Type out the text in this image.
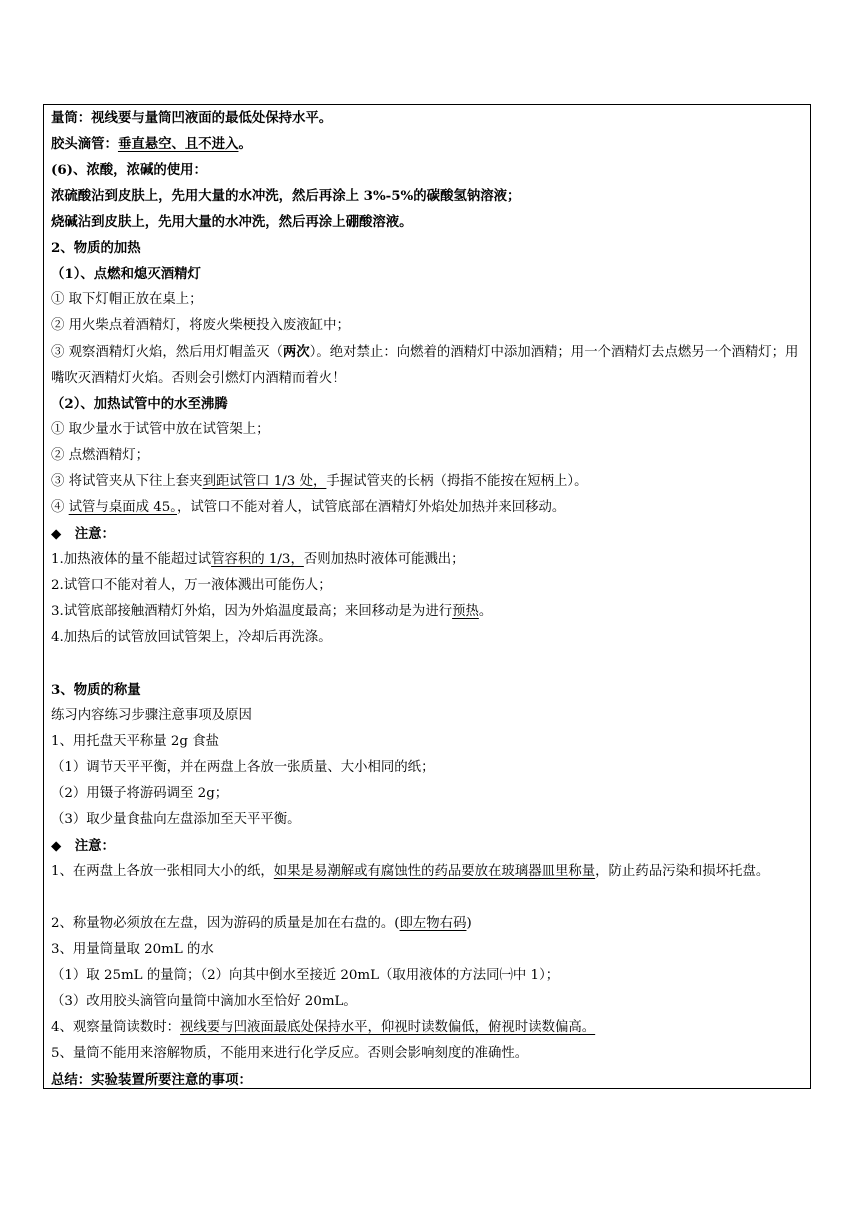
量筒：视线要与量筒凹液面的最低处保持水平。
胶头滴管：垂直悬空、且不进入。
(6)、浓酸，浓碱的使用：
浓硫酸沾到皮肤上，先用大量的水冲洗，然后再涂上 3%-5%的碳酸氢钠溶液；
烧碱沾到皮肤上，先用大量的水冲洗，然后再涂上硼酸溶液。
2、物质的加热
（1）、点燃和熄灭酒精灯
① 取下灯帽正放在桌上；
② 用火柴点着酒精灯，将废火柴梗投入废液缸中；
③ 观察酒精灯火焰，然后用灯帽盖灭（两次）。绝对禁止：向燃着的酒精灯中添加酒精；用一个酒精灯去点燃另一个酒精灯；用嘴吹灭酒精灯火焰。否则会引燃灯内酒精而着火！
（2）、加热试管中的水至沸腾
① 取少量水于试管中放在试管架上；
② 点燃酒精灯；
③ 将试管夹从下往上套夹到距试管口 1/3 处，手握试管夹的长柄（拇指不能按在短柄上）。
④ 试管与桌面成 45。，试管口不能对着人，试管底部在酒精灯外焰处加热并来回移动。
◆　注意：
1.加热液体的量不能超过试管容积的 1/3，否则加热时液体可能溅出；
2.试管口不能对着人，万一液体溅出可能伤人；
3.试管底部接触酒精灯外焰，因为外焰温度最高；来回移动是为进行预热。
4.加热后的试管放回试管架上，冷却后再洗涤。
3、物质的称量
练习内容练习步骤注意事项及原因
1、用托盘天平称量 2g 食盐
（1）调节天平平衡，并在两盘上各放一张质量、大小相同的纸；
（2）用镊子将游码调至 2g；
（3）取少量食盐向左盘添加至天平平衡。
◆　注意：
1、在两盘上各放一张相同大小的纸，如果是易潮解或有腐蚀性的药品要放在玻璃器皿里称量，防止药品污染和损坏托盘。
2、称量物必须放在左盘，因为游码的质量是加在右盘的。(即左物右码)
3、用量筒量取 20mL 的水
（1）取 25mL 的量筒；（2）向其中倒水至接近 20mL（取用液体的方法同㈠中 1）；
（3）改用胶头滴管向量筒中滴加水至恰好 20mL。
4、观察量筒读数时：视线要与凹液面最底处保持水平，仰视时读数偏低，俯视时读数偏高。
5、量筒不能用来溶解物质，不能用来进行化学反应。否则会影响刻度的准确性。
总结：实验装置所要注意的事项：
